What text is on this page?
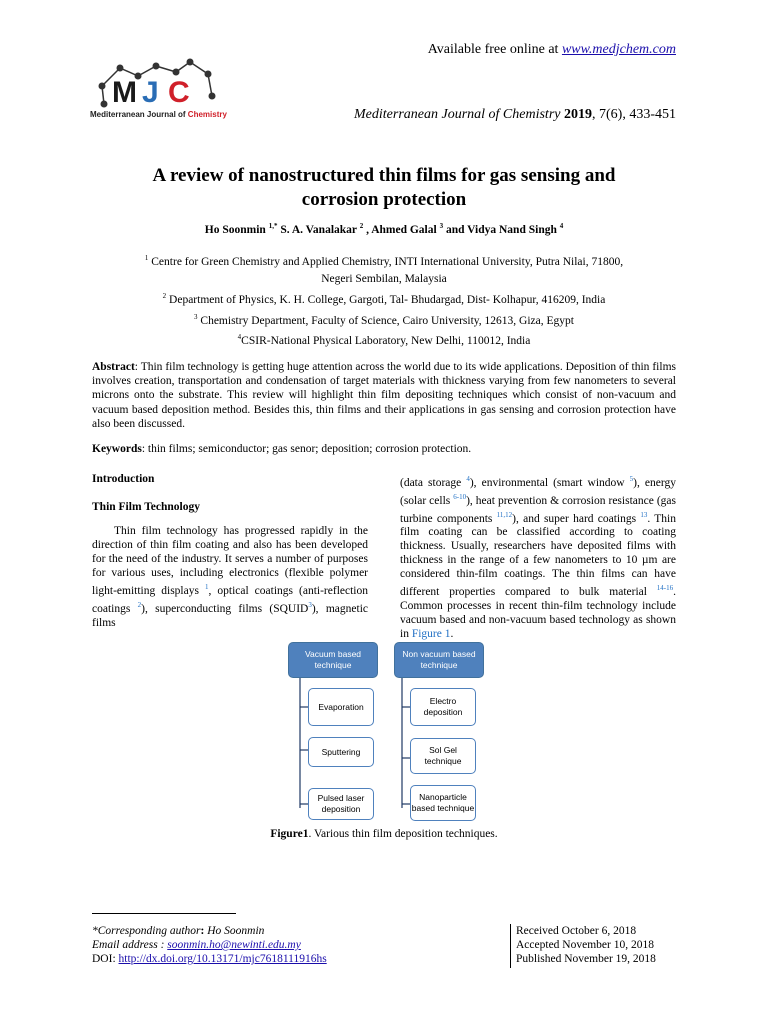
M J C
Mediterranean Journal of Chemistry
Available free online at www.medjchem.com
Mediterranean Journal of Chemistry 2019, 7(6), 433-451
A review of nanostructured thin films for gas sensing and
corrosion protection
Ho Soonmin $^{1,*}$ S. A. Vanalakar $^2$ , Ahmed Galal $^3$ and Vidya Nand Singh $^4$
$^1$ Centre for Green Chemistry and Applied Chemistry, INTI International University, Putra Nilai, 71800,
Negeri Sembilan, Malaysia
$^2$ Department of Physics, K. H. College, Gargoti, Tal- Bhudargad, Dist- Kolhapur, 416209, India
$^3$ Chemistry Department, Faculty of Science, Cairo University, 12613, Giza, Egypt
$^4$CSIR-National Physical Laboratory, New Delhi, 110012, India
Abstract: Thin film technology is getting huge attention across the world due to its wide applications. Deposition of thin films involves creation, transportation and condensation of target materials with thickness varying from few nanometers to several microns onto the substrate. This review will highlight thin film depositing techniques which consist of non-vacuum and vacuum based deposition method. Besides this, thin films and their applications in gas sensing and corrosion protection have also been discussed.
Keywords: thin films; semiconductor; gas senor; deposition; corrosion protection.
Introduction
Thin Film Technology

Thin film technology has progressed rapidly in the direction of thin film coating and also has been developed for the need of the industry. It serves a number of purposes for various uses, including electronics (flexible polymer light-emitting displays $^1$, optical coatings (anti-reflection coatings $^2$), superconducting films (SQUID$^3$), magnetic films

(data storage $^4$), environmental (smart window $^5$), energy (solar cells $^{6-10}$), heat prevention & corrosion resistance (gas turbine components $^{11,12}$), and super hard coatings $^{13}$. Thin film coating can be classified according to coating thickness. Usually, researchers have deposited films with thickness in the range of a few nanometers to 10 µm are considered thin-film coatings. The thin films can have different properties compared to bulk material $^{14-16}$. Common processes in recent thin-film technology include vacuum based and non-vacuum based technology as shown in Figure 1.

Vacuum based technique
Evaporation
Sputtering
Pulsed laser deposition
Non vacuum based technique
Electro deposition
Sol Gel technique
Nanoparticle based technique
Figure1. Various thin film deposition techniques.
*Corresponding author: Ho Soonmin
Email address : soonmin.ho@newinti.edu.my
DOI: http://dx.doi.org/10.13171/mjc7618111916hs
Received October 6, 2018
Accepted November 10, 2018
Published November 19, 2018
